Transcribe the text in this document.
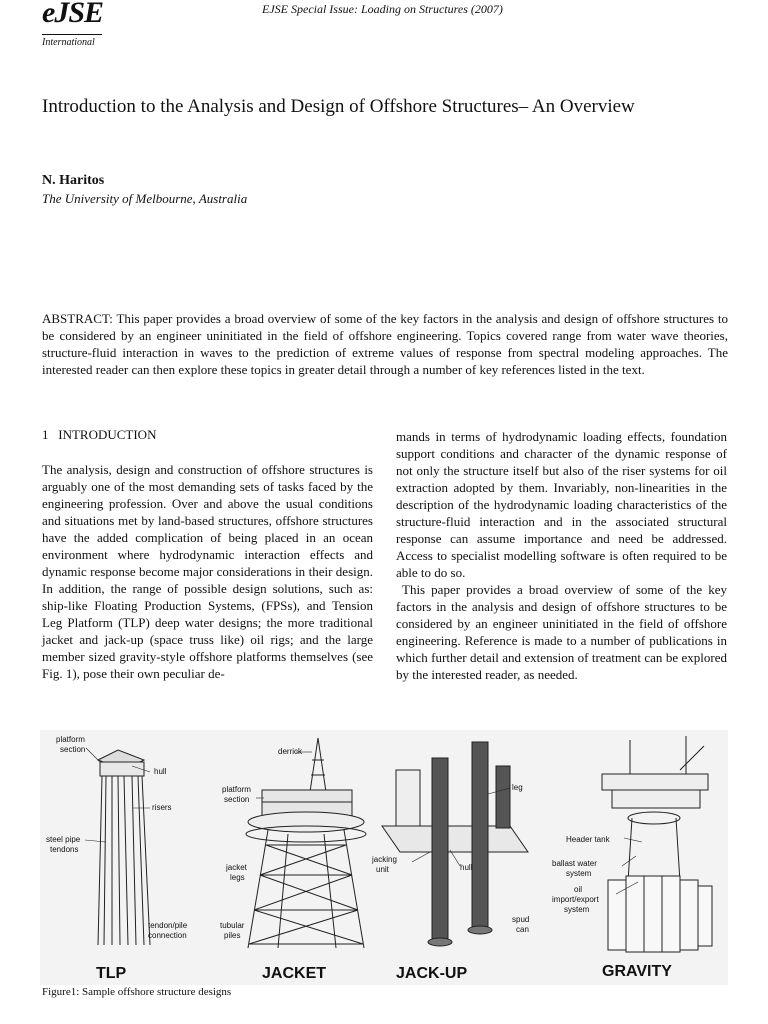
eJSE
International
EJSE Special Issue: Loading on Structures (2007)
Introduction to the Analysis and Design of Offshore Structures– An Overview
N. Haritos
The University of Melbourne, Australia
ABSTRACT: This paper provides a broad overview of some of the key factors in the analysis and design of offshore structures to be considered by an engineer uninitiated in the field of offshore engineering. Topics covered range from water wave theories, structure-fluid interaction in waves to the prediction of extreme values of response from spectral modeling approaches. The interested reader can then explore these topics in greater detail through a number of key references listed in the text.
1   INTRODUCTION
The analysis, design and construction of offshore structures is arguably one of the most demanding sets of tasks faced by the engineering profession. Over and above the usual conditions and situations met by land-based structures, offshore structures have the added complication of being placed in an ocean environment where hydrodynamic interaction effects and dynamic response become major considerations in their design. In addition, the range of possible design solutions, such as: ship-like Floating Production Systems, (FPSs), and Tension Leg Platform (TLP) deep water designs; the more traditional jacket and jack-up (space truss like) oil rigs; and the large member sized gravity-style offshore platforms themselves (see Fig. 1), pose their own peculiar de-

mands in terms of hydrodynamic loading effects, foundation support conditions and character of the dynamic response of not only the structure itself but also of the riser systems for oil extraction adopted by them. Invariably, non-linearities in the description of the hydrodynamic loading characteristics of the structure-fluid interaction and in the associated structural response can assume importance and need be addressed. Access to specialist modelling software is often required to be able to do so.

This paper provides a broad overview of some of the key factors in the analysis and design of offshore structures to be considered by an engineer uninitiated in the field of offshore engineering. Reference is made to a number of publications in which further detail and extension of treatment can be explored by the interested reader, as needed.

platform
section
hull
risers
steel pipe
tendons
tendon/pile
connection
TLP
derrick
platform
section
jacket
legs
tubular
piles
JACKET
leg
jacking
unit	hull
spud
can
JACK-UP
Header tank
ballast water
system
oil
import/export
system
GRAVITY
Figure1: Sample offshore structure designs
